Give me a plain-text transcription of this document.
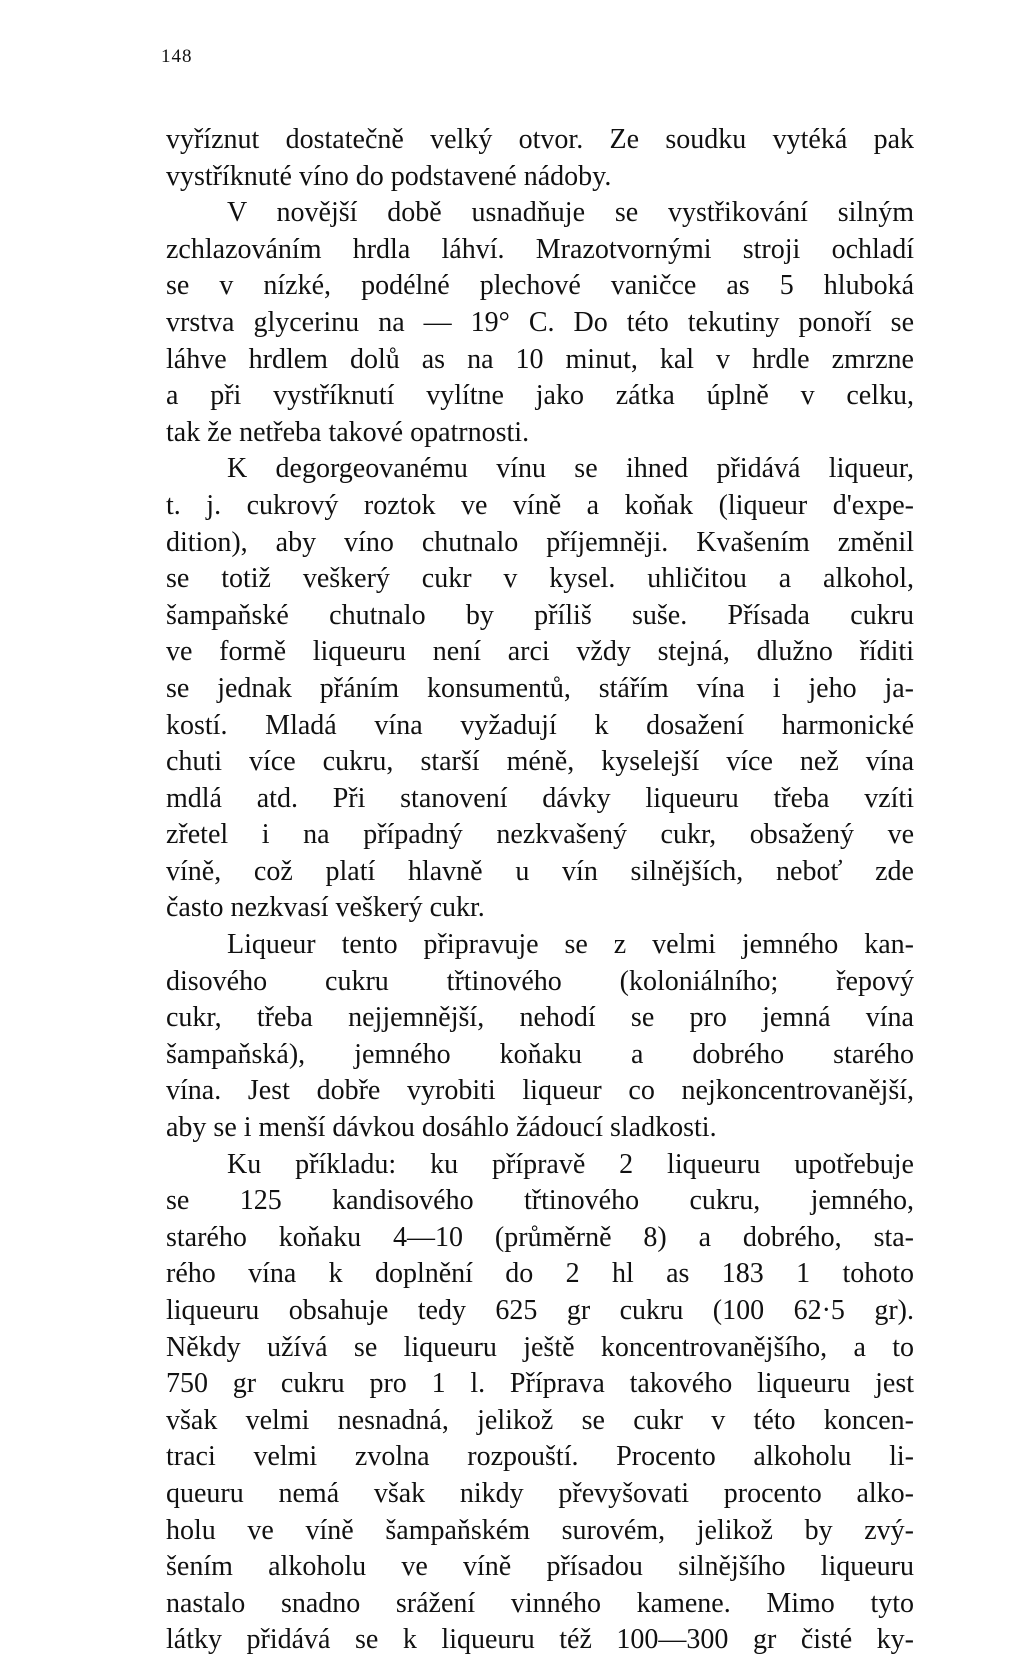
148
vyříznut dostatečně velký otvor. Ze soudku vytéká pak
vystříknuté víno do podstavené nádoby.
V novější době usnadňuje se vystřikování silným
zchlazováním hrdla láhví. Mrazotvornými stroji ochladí
se v nízké, podélné plechové vaničce as 5 hluboká
vrstva glycerinu na — 19° C. Do této tekutiny ponoří se
láhve hrdlem dolů as na 10 minut, kal v hrdle zmrzne
a při vystříknutí vylítne jako zátka úplně v celku,
tak že netřeba takové opatrnosti.
K degorgeovanému vínu se ihned přidává liqueur,
t. j. cukrový roztok ve víně a koňak (liqueur d'expe-
dition), aby víno chutnalo příjemněji. Kvašením změnil
se totiž veškerý cukr v kysel. uhličitou a alkohol,
šampaňské chutnalo by příliš suše. Přísada cukru
ve formě liqueuru není arci vždy stejná, dlužno říditi
se jednak přáním konsumentů, stářím vína i jeho ja-
kostí. Mladá vína vyžadují k dosažení harmonické
chuti více cukru, starší méně, kyselejší více než vína
mdlá atd. Při stanovení dávky liqueuru třeba vzíti
zřetel i na případný nezkvašený cukr, obsažený ve
víně, což platí hlavně u vín silnějších, neboť zde
často nezkvasí veškerý cukr.
Liqueur tento připravuje se z velmi jemného kan-
disového cukru třtinového (koloniálního; řepový
cukr, třeba nejjemnější, nehodí se pro jemná vína
šampaňská), jemného koňaku a dobrého starého
vína. Jest dobře vyrobiti liqueur co nejkoncentrovanější,
aby se i menší dávkou dosáhlo žádoucí sladkosti.
Ku příkladu: ku přípravě 2 liqueuru upotřebuje
se 125 kandisového třtinového cukru, jemného,
starého koňaku 4—10 (průměrně 8) a dobrého, sta-
rého vína k doplnění do 2 hl as 183 1 tohoto
liqueuru obsahuje tedy 625 gr cukru (100 62·5 gr).
Někdy užívá se liqueuru ještě koncentrovanějšího, a to
750 gr cukru pro 1 l. Příprava takového liqueuru jest
však velmi nesnadná, jelikož se cukr v této koncen-
traci velmi zvolna rozpouští. Procento alkoholu li-
queuru nemá však nikdy převyšovati procento alko-
holu ve víně šampaňském surovém, jelikož by zvý-
šením alkoholu ve víně přísadou silnějšího liqueuru
nastalo snadno srážení vinného kamene. Mimo tyto
látky přidává se k liqueuru též 100—300 gr čisté ky-
